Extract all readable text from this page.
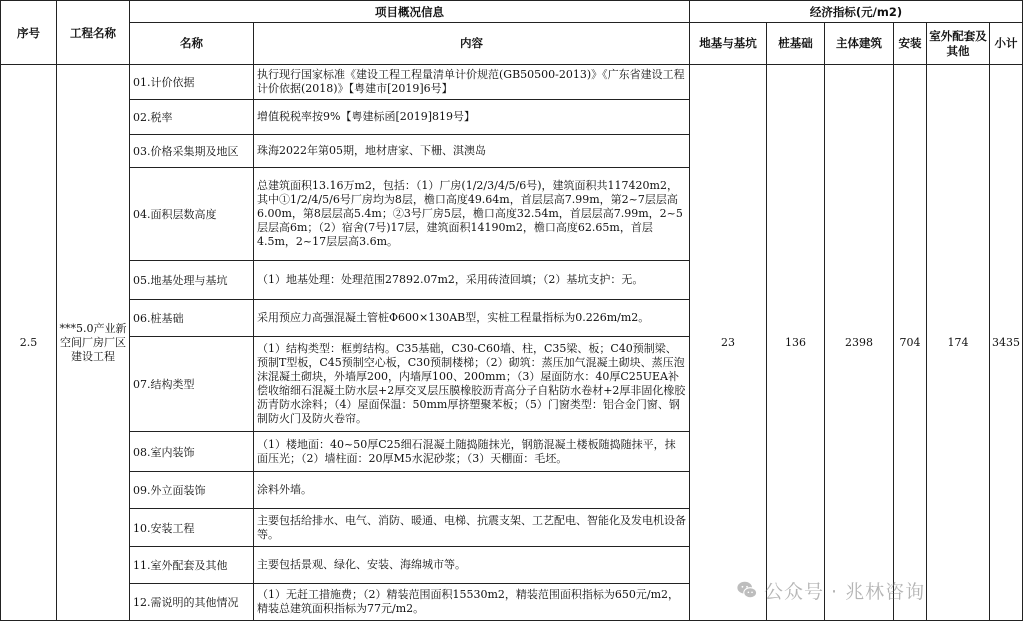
序号	工程名称	项目概况信息		经济指标(元/m2)					
		名称	内容	地基与基坑	桩基础	主体建筑	安装	室外配套及其他	小计
2.5	***5.0产业新空间厂房厂区建设工程	01.计价依据	执行现行国家标准《建设工程工程量清单计价规范(GB50500-2013)》《广东省建设工程计价依据(2018)》【粤建市[2019]6号】	23	136	2398	704	174	3435
		02.税率	增值税税率按9%【粤建标函[2019]819号】						
		03.价格采集期及地区	珠海2022年第05期，地材唐家、下栅、淇澳岛						
		04.面积层数高度	总建筑面积13.16万m2，包括：（1）厂房(1/2/3/4/5/6号)，建筑面积共117420m2，其中①1/2/4/5/6号厂房均为8层，檐口高度49.64m，首层层高7.99m，第2~7层层高6.00m，第8层层高5.4m；②3号厂房5层，檐口高度32.54m，首层层高7.99m，2~5层层高6m；（2）宿舍(7号)17层，建筑面积14190m2，檐口高度62.65m，首层4.5m，2~17层层高3.6m。						
		05.地基处理与基坑	（1）地基处理：处理范围27892.07m2，采用砖渣回填；（2）基坑支护：无。						
		06.桩基础	采用预应力高强混凝土管桩Φ600×130AB型，实桩工程量指标为0.226m/m2。						
		07.结构类型	（1）结构类型：框剪结构。C35基础，C30-C60墙、柱，C35梁、板；C40预制梁、预制T型板，C45预制空心板，C30预制楼梯；（2）砌筑：蒸压加气混凝土砌块、蒸压泡沫混凝土砌块，外墙厚200，内墙厚100、200mm；（3）屋面防水：40厚C25UEA补偿收缩细石混凝土防水层+2厚交叉层压膜橡胶沥青高分子自粘防水卷材+2厚非固化橡胶沥青防水涂料；（4）屋面保温：50mm厚挤塑聚苯板；（5）门窗类型：铝合金门窗、钢制防火门及防火卷帘。						
		08.室内装饰	（1）楼地面：40~50厚C25细石混凝土随捣随抹光，钢筋混凝土楼板随捣随抹平，抹面压光；（2）墙柱面：20厚M5水泥砂浆；（3）天棚面：毛坯。						
		09.外立面装饰	涂料外墙。						
		10.安装工程	主要包括给排水、电气、消防、暖通、电梯、抗震支架、工艺配电、智能化及发电机设备等。						
		11.室外配套及其他	主要包括景观、绿化、安装、海绵城市等。						
		12.需说明的其他情况	（1）无赶工措施费；（2）精装范围面积15530m2，精装范围面积指标为650元/m2，精装总建筑面积指标为77元/m2。						
公众号 · 兆林咨询
